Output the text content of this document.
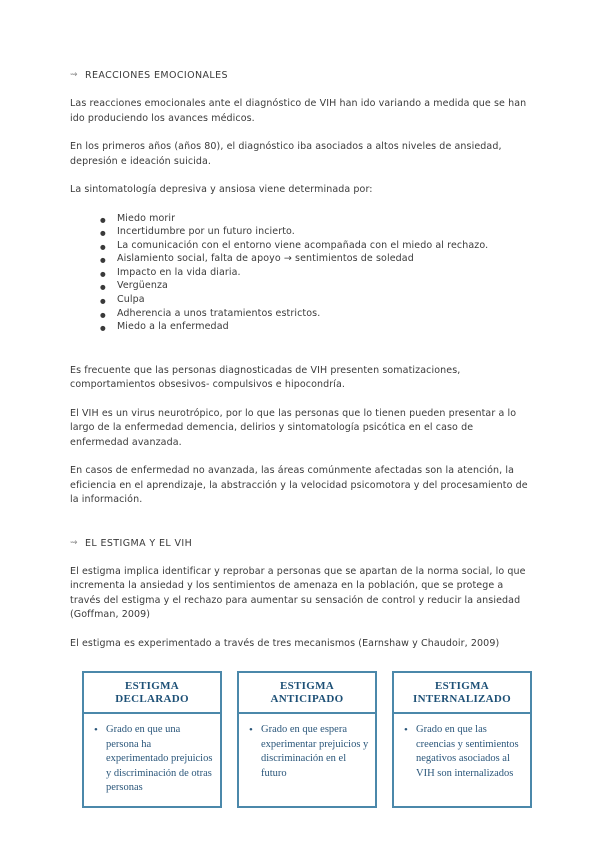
⇝ REACCIONES EMOCIONALES

Las reacciones emocionales ante el diagnóstico de VIH han ido variando a medida que se han ido produciendo los avances médicos.

En los primeros años (años 80), el diagnóstico iba asociados a altos niveles de ansiedad, depresión e ideación suicida.

La sintomatología depresiva y ansiosa viene determinada por:

● Miedo morir
● Incertidumbre por un futuro incierto.
● La comunicación con el entorno viene acompañada con el miedo al rechazo.
● Aislamiento social, falta de apoyo → sentimientos de soledad
● Impacto en la vida diaria.
● Vergüenza
● Culpa
● Adherencia a unos tratamientos estrictos.
● Miedo a la enfermedad

Es frecuente que las personas diagnosticadas de VIH presenten somatizaciones, comportamientos obsesivos- compulsivos e hipocondría.

El VIH es un virus neurotrópico, por lo que las personas que lo tienen pueden presentar a lo largo de la enfermedad demencia, delirios y sintomatología psicótica en el caso de enfermedad avanzada.

En casos de enfermedad no avanzada, las áreas comúnmente afectadas son la atención, la eficiencia en el aprendizaje, la abstracción y la velocidad psicomotora y del procesamiento de la información.

⇝ EL ESTIGMA Y EL VIH

El estigma implica identificar y reprobar a personas que se apartan de la norma social, lo que incrementa la ansiedad y los sentimientos de amenaza en la población, que se protege a través del estigma y el rechazo para aumentar su sensación de control y reducir la ansiedad (Goffman, 2009)

El estigma es experimentado a través de tres mecanismos (Earnshaw y Chaudoir, 2009)

ESTIGMA DECLARADO
• Grado en que una persona ha experimentado prejuicios y discriminación de otras personas
ESTIGMA ANTICIPADO
• Grado en que espera experimentar prejuicios y discriminación en el futuro
ESTIGMA INTERNALIZADO
• Grado en que las creencias y sentimientos negativos asociados al VIH son internalizados
